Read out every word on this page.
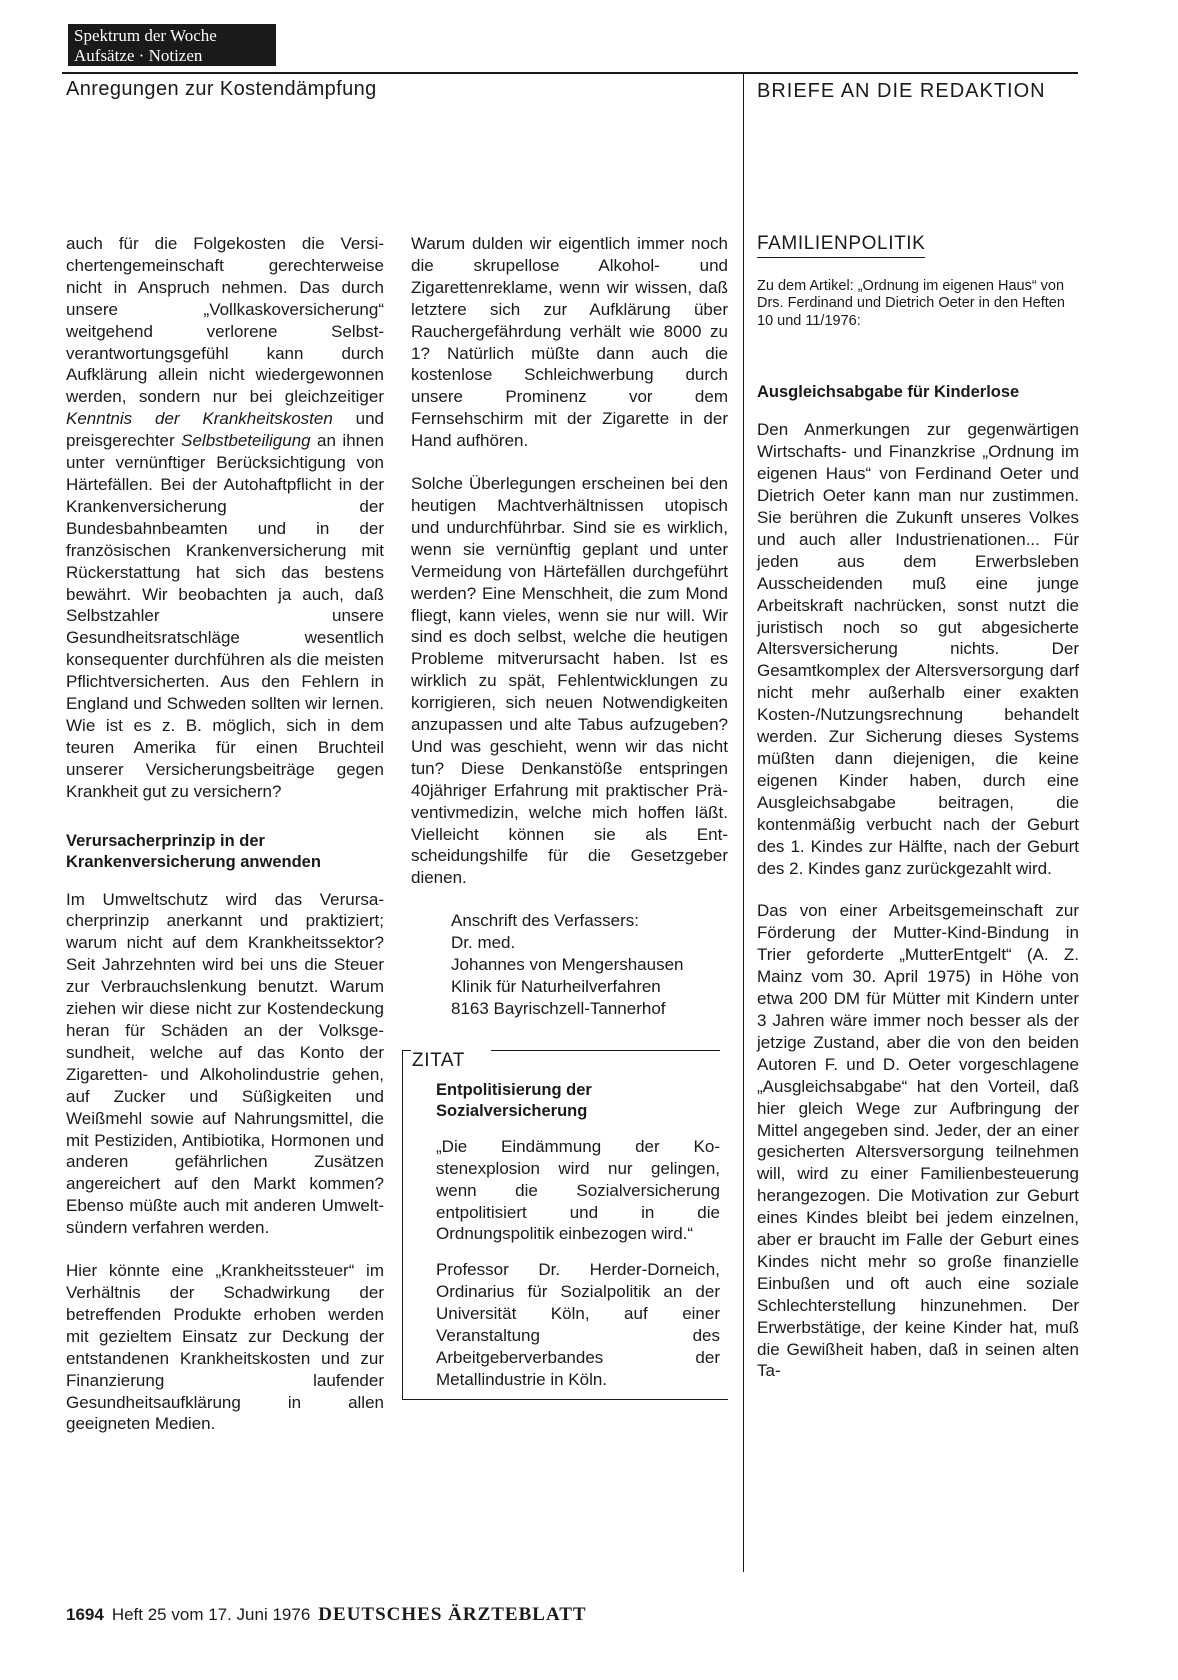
Spektrum der Woche
Aufsätze · Notizen
Anregungen zur Kostendämpfung	BRIEFE AN DIE REDAKTION

auch für die Folgekosten die Versichertengemeinschaft gerechterweise nicht in Anspruch nehmen. Das durch unsere „Vollkaskoversicherung“ weitgehend verlorene Selbstverantwortungsgefühl kann durch Aufklärung allein nicht wiedergewonnen werden, sondern nur bei gleichzeitiger Kenntnis der Krankheitskosten und preisgerechter Selbstbeteiligung an ihnen unter vernünftiger Berücksichtigung von Härtefällen. Bei der Autohaftpflicht in der Krankenversicherung der Bundesbahnbeamten und in der französischen Krankenversicherung mit Rückerstattung hat sich das bestens bewährt. Wir beobachten ja auch, daß Selbstzahler unsere Gesundheitsratschläge wesentlich konsequenter durchführen als die meisten Pflichtversicherten. Aus den Fehlern in England und Schweden sollten wir lernen. Wie ist es z. B. möglich, sich in dem teuren Amerika für einen Bruchteil unserer Versicherungsbeiträge gegen Krankheit gut zu versichern?

Verursacherprinzip in der Krankenversicherung anwenden

Im Umweltschutz wird das Verursacherprinzip anerkannt und praktiziert; warum nicht auf dem Krankheitssektor? Seit Jahrzehnten wird bei uns die Steuer zur Verbrauchslenkung benutzt. Warum ziehen wir diese nicht zur Kostendeckung heran für Schäden an der Volksgesundheit, welche auf das Konto der Zigaretten- und Alkoholindustrie gehen, auf Zucker und Süßigkeiten und Weißmehl sowie auf Nahrungsmittel, die mit Pestiziden, Antibiotika, Hormonen und anderen gefährlichen Zusätzen angereichert auf den Markt kommen? Ebenso müßte auch mit anderen Umweltsündern verfahren werden.

Hier könnte eine „Krankheitssteuer“ im Verhältnis der Schadwirkung der betreffenden Produkte erhoben werden mit gezieltem Einsatz zur Deckung der entstandenen Krankheitskosten und zur Finanzierung laufender Gesundheitsaufklärung in allen geeigneten Medien.

Warum dulden wir eigentlich immer noch die skrupellose Alkohol- und Zigarettenreklame, wenn wir wissen, daß letztere sich zur Aufklärung über Rauchergefährdung verhält wie 8000 zu 1? Natürlich müßte dann auch die kostenlose Schleichwerbung durch unsere Prominenz vor dem Fernsehschirm mit der Zigarette in der Hand aufhören.

Solche Überlegungen erscheinen bei den heutigen Machtverhältnissen utopisch und undurchführbar. Sind sie es wirklich, wenn sie vernünftig geplant und unter Vermeidung von Härtefällen durchgeführt werden? Eine Menschheit, die zum Mond fliegt, kann vieles, wenn sie nur will. Wir sind es doch selbst, welche die heutigen Probleme mitverursacht haben. Ist es wirklich zu spät, Fehlentwicklungen zu korrigieren, sich neuen Notwendigkeiten anzupassen und alte Tabus aufzugeben? Und was geschieht, wenn wir das nicht tun? Diese Denkanstöße entspringen 40jähriger Erfahrung mit praktischer Präventivmedizin, welche mich hoffen läßt. Vielleicht können sie als Entscheidungshilfe für die Gesetzgeber dienen.

Anschrift des Verfassers:
Dr. med.
Johannes von Mengershausen
Klinik für Naturheilverfahren
8163 Bayrischzell-Tannerhof
ZITAT
Entpolitisierung der Sozialversicherung

„Die Eindämmung der Kostenexplosion wird nur gelingen, wenn die Sozialversicherung entpolitisiert und in die Ordnungspolitik einbezogen wird.“

Professor Dr. Herder-Dorneich, Ordinarius für Sozialpolitik an der Universität Köln, auf einer Veranstaltung des Arbeitgeberverbandes der Metallindustrie in Köln.

FAMILIENPOLITIK
Zu dem Artikel: „Ordnung im eigenen Haus“ von Drs. Ferdinand und Dietrich Oeter in den Heften 10 und 11/1976:
Ausgleichsabgabe für Kinderlose

Den Anmerkungen zur gegenwärtigen Wirtschafts- und Finanzkrise „Ordnung im eigenen Haus“ von Ferdinand Oeter und Dietrich Oeter kann man nur zustimmen. Sie berühren die Zukunft unseres Volkes und auch aller Industrienationen... Für jeden aus dem Erwerbsleben Ausscheidenden muß eine junge Arbeitskraft nachrücken, sonst nutzt die juristisch noch so gut abgesicherte Altersversicherung nichts. Der Gesamtkomplex der Altersversorgung darf nicht mehr außerhalb einer exakten Kosten-/Nutzungsrechnung behandelt werden. Zur Sicherung dieses Systems müßten dann diejenigen, die keine eigenen Kinder haben, durch eine Ausgleichsabgabe beitragen, die kontenmäßig verbucht nach der Geburt des 1. Kindes zur Hälfte, nach der Geburt des 2. Kindes ganz zurückgezahlt wird.

Das von einer Arbeitsgemeinschaft zur Förderung der Mutter-Kind-Bindung in Trier geforderte „MutterEntgelt“ (A. Z. Mainz vom 30. April 1975) in Höhe von etwa 200 DM für Mütter mit Kindern unter 3 Jahren wäre immer noch besser als der jetzige Zustand, aber die von den beiden Autoren F. und D. Oeter vorgeschlagene „Ausgleichsabgabe“ hat den Vorteil, daß hier gleich Wege zur Aufbringung der Mittel angegeben sind. Jeder, der an einer gesicherten Altersversorgung teilnehmen will, wird zu einer Familienbesteuerung herangezogen. Die Motivation zur Geburt eines Kindes bleibt bei jedem einzelnen, aber er braucht im Falle der Geburt eines Kindes nicht mehr so große finanzielle Einbußen und oft auch eine soziale Schlechterstellung hinzunehmen. Der Erwerbstätige, der keine Kinder hat, muß die Gewißheit haben, daß in seinen alten Ta-

1694 Heft 25 vom 17. Juni 1976 DEUTSCHES ÄRZTEBLATT
